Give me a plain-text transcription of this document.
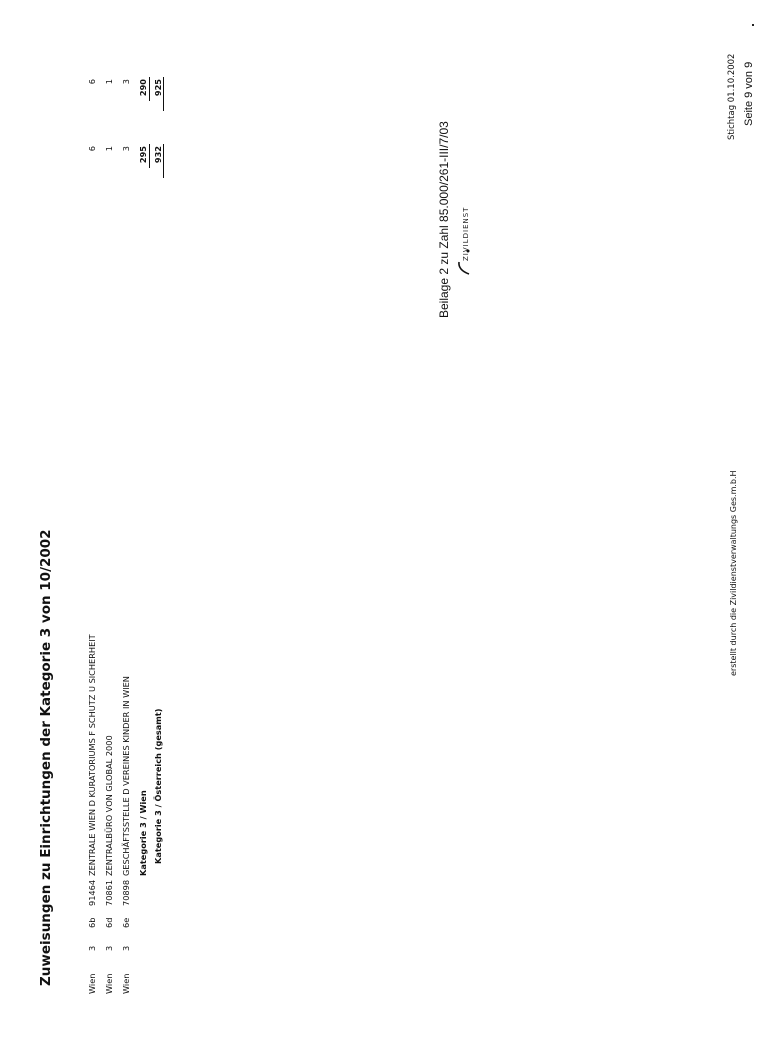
Zuweisungen zu Einrichtungen der Kategorie 3 von 10/2002	Wien
3
6b
91464
ZENTRALE WIEN D KURATORIUMS F SCHUTZ U SICHERHEIT
6
6
Wien
3
6d
70861
ZENTRALBÜRO VON GLOBAL 2000
1
1
Wien
3
6e
70898
GESCHÄFTSSTELLE D VEREINES KINDER IN WIEN
3
3
Kategorie 3 / Wien
295
290
Kategorie 3 / Österreich (gesamt)
932
925
Beilage 2 zu Zahl 85.000/261-III/7/03 ZIVILDIENST
erstellt durch die Zivildienstverwaltungs Ges.m.b.H
Stichtag 01.10.2002 Seite 9 von 9
